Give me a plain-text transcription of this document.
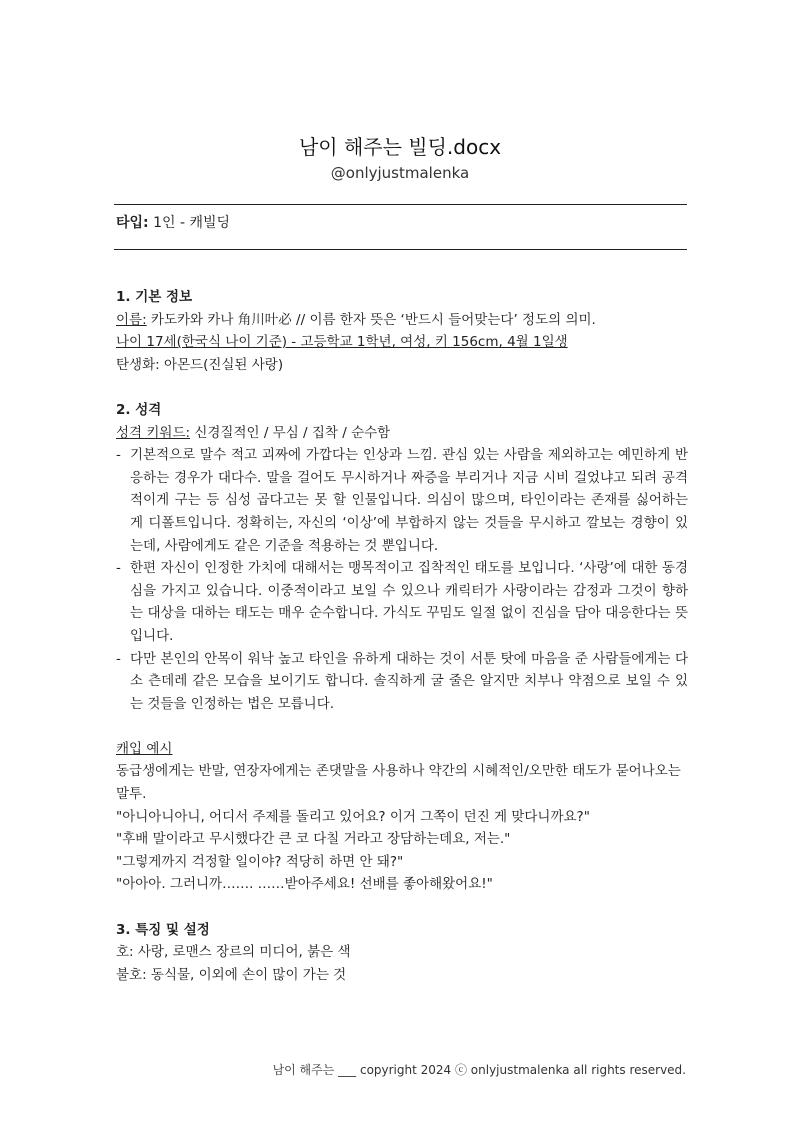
남이 해주는 빌딩.docx
@onlyjustmalenka
타입: 1인 - 캐빌딩

1. 기본 정보

이름: 카도카와 카나 角川叶必 // 이름 한자 뜻은 ‘반드시 들어맞는다’ 정도의 의미.

나이 17세(한국식 나이 기준) - 고등학교 1학년, 여성, 키 156cm, 4월 1일생

탄생화: 아몬드(진실된 사랑)

2. 성격

성격 키워드: 신경질적인 / 무심 / 집착 / 순수함

- 기본적으로 말수 적고 괴짜에 가깝다는 인상과 느낌. 관심 있는 사람을 제외하고는 예민하게 반응하는 경우가 대다수. 말을 걸어도 무시하거나 짜증을 부리거나 지금 시비 걸었냐고 되려 공격적이게 구는 등 심성 곱다고는 못 할 인물입니다. 의심이 많으며, 타인이라는 존재를 싫어하는 게 디폴트입니다. 정확히는, 자신의 ‘이상’에 부합하지 않는 것들을 무시하고 깔보는 경향이 있는데, 사람에게도 같은 기준을 적용하는 것 뿐입니다.
- 한편 자신이 인정한 가치에 대해서는 맹목적이고 집착적인 태도를 보입니다. ‘사랑’에 대한 동경심을 가지고 있습니다. 이중적이라고 보일 수 있으나 캐릭터가 사랑이라는 감정과 그것이 향하는 대상을 대하는 태도는 매우 순수합니다. 가식도 꾸밈도 일절 없이 진심을 담아 대응한다는 뜻입니다.
- 다만 본인의 안목이 워낙 높고 타인을 유하게 대하는 것이 서툰 탓에 마음을 준 사람들에게는 다소 츤데레 같은 모습을 보이기도 합니다. 솔직하게 굴 줄은 알지만 치부나 약점으로 보일 수 있는 것들을 인정하는 법은 모릅니다.

캐입 예시

동급생에게는 반말, 연장자에게는 존댓말을 사용하나 약간의 시혜적인/오만한 태도가 묻어나오는 말투.

"아니아니아니, 어디서 주제를 돌리고 있어요? 이거 그쪽이 던진 게 맞다니까요?"

"후배 말이라고 무시했다간 큰 코 다칠 거라고 장담하는데요, 저는."

"그렇게까지 걱정할 일이야? 적당히 하면 안 돼?"

"아아아. 그러니까……. ……받아주세요! 선배를 좋아해왔어요!"

3. 특징 및 설정

호: 사랑, 로맨스 장르의 미디어, 붉은 색

불호: 동식물, 이외에 손이 많이 가는 것

남이 해주는 ___ copyright 2024 ⓒ onlyjustmalenka all rights reserved.
